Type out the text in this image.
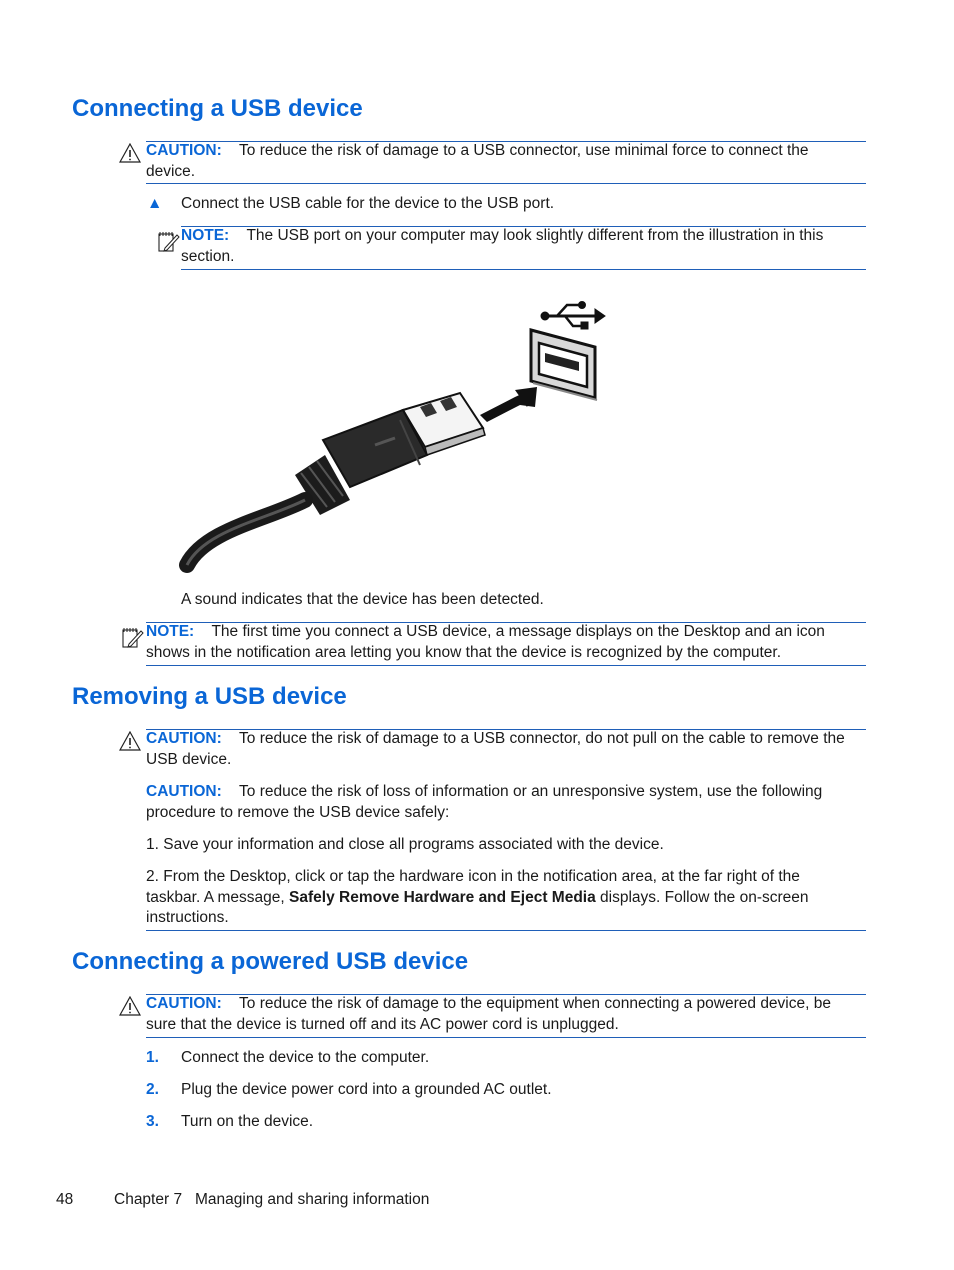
Connecting a USB device
CAUTION: To reduce the risk of damage to a USB connector, use minimal force to connect the
device.
▲ Connect the USB cable for the device to the USB port.
NOTE: The USB port on your computer may look slightly different from the illustration in this
section.
A sound indicates that the device has been detected.
NOTE: The first time you connect a USB device, a message displays on the Desktop and an icon
shows in the notification area letting you know that the device is recognized by the computer.
Removing a USB device
CAUTION: To reduce the risk of damage to a USB connector, do not pull on the cable to remove the
USB device.
CAUTION: To reduce the risk of loss of information or an unresponsive system, use the following
procedure to remove the USB device safely:
1. Save your information and close all programs associated with the device.
2. From the Desktop, click or tap the hardware icon in the notification area, at the far right of the
taskbar. A message, Safely Remove Hardware and Eject Media displays. Follow the on-screen
instructions.
Connecting a powered USB device
CAUTION: To reduce the risk of damage to the equipment when connecting a powered device, be
sure that the device is turned off and its AC power cord is unplugged.
1. Connect the device to the computer.
2. Plug the device power cord into a grounded AC outlet.
3. Turn on the device.
48	Chapter 7   Managing and sharing information
